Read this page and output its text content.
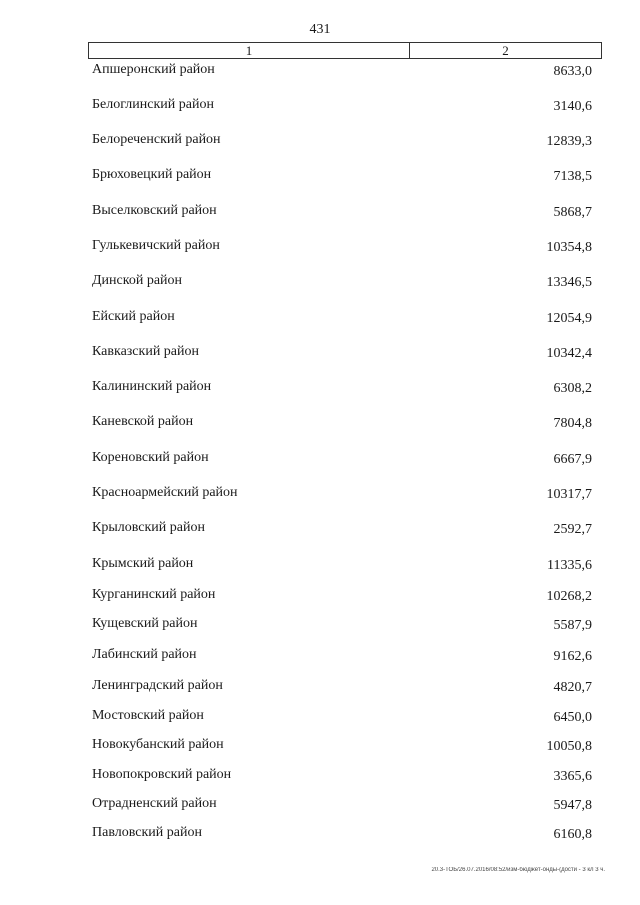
431
1	2
Апшеронский район	8633,0
Белоглинский район	3140,6
Белореченский район	12839,3
Брюховецкий район	7138,5
Выселковский район	5868,7
Гулькевичский район	10354,8
Динской район	13346,5
Ейский район	12054,9
Кавказский район	10342,4
Калининский район	6308,2
Каневской район	7804,8
Кореновский район	6667,9
Красноармейский район	10317,7
Крыловский район	2592,7
Крымский район	11335,6
Курганинский район	10268,2
Кущевский район	5587,9
Лабинский район	9162,6
Ленинградский район	4820,7
Мостовский район	6450,0
Новокубанский район	10050,8
Новопокровский район	3365,6
Отрадненский район	5947,8
Павловский район	6160,8
20.3-ТОБ/26.07.2016/08:52/изм-бюджет-онды-(дости - 3 кл 3 ч.
